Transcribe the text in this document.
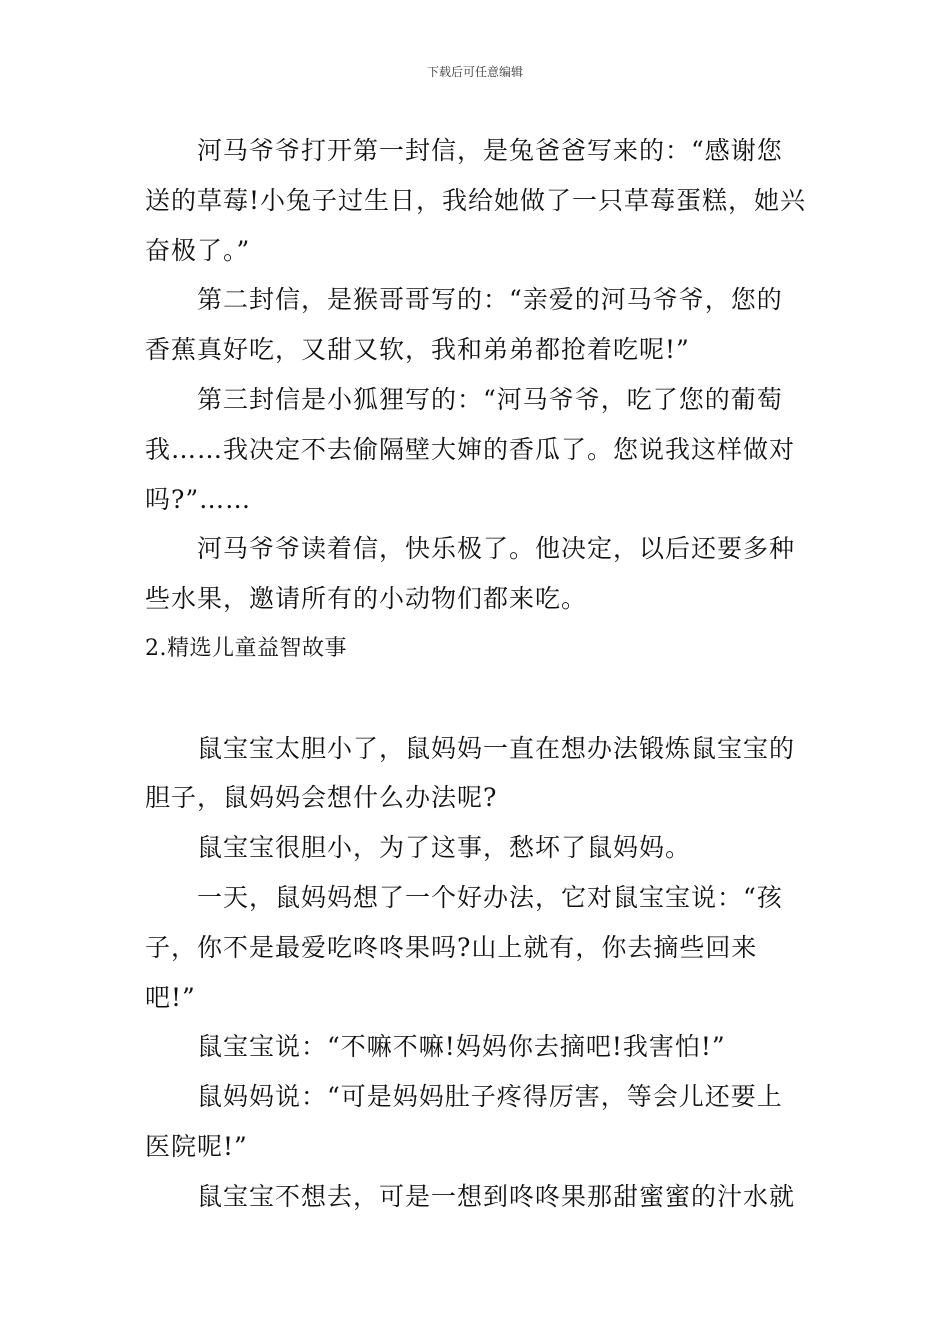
下载后可任意编辑
河马爷爷打开第一封信，是兔爸爸写来的：“感谢您
送的草莓!小兔子过生日，我给她做了一只草莓蛋糕，她兴
奋极了。”
第二封信，是猴哥哥写的：“亲爱的河马爷爷，您的
香蕉真好吃，又甜又软，我和弟弟都抢着吃呢!”
第三封信是小狐狸写的：“河马爷爷，吃了您的葡萄
我……我决定不去偷隔壁大婶的香瓜了。您说我这样做对
吗?”……
河马爷爷读着信，快乐极了。他决定，以后还要多种
些水果，邀请所有的小动物们都来吃。
2.精选儿童益智故事
鼠宝宝太胆小了，鼠妈妈一直在想办法锻炼鼠宝宝的
胆子，鼠妈妈会想什么办法呢?
鼠宝宝很胆小，为了这事，愁坏了鼠妈妈。
一天，鼠妈妈想了一个好办法，它对鼠宝宝说：“孩
子，你不是最爱吃咚咚果吗?山上就有，你去摘些回来
吧!”
鼠宝宝说：“不嘛不嘛!妈妈你去摘吧!我害怕!”
鼠妈妈说：“可是妈妈肚子疼得厉害，等会儿还要上
医院呢!”
鼠宝宝不想去，可是一想到咚咚果那甜蜜蜜的汁水就
